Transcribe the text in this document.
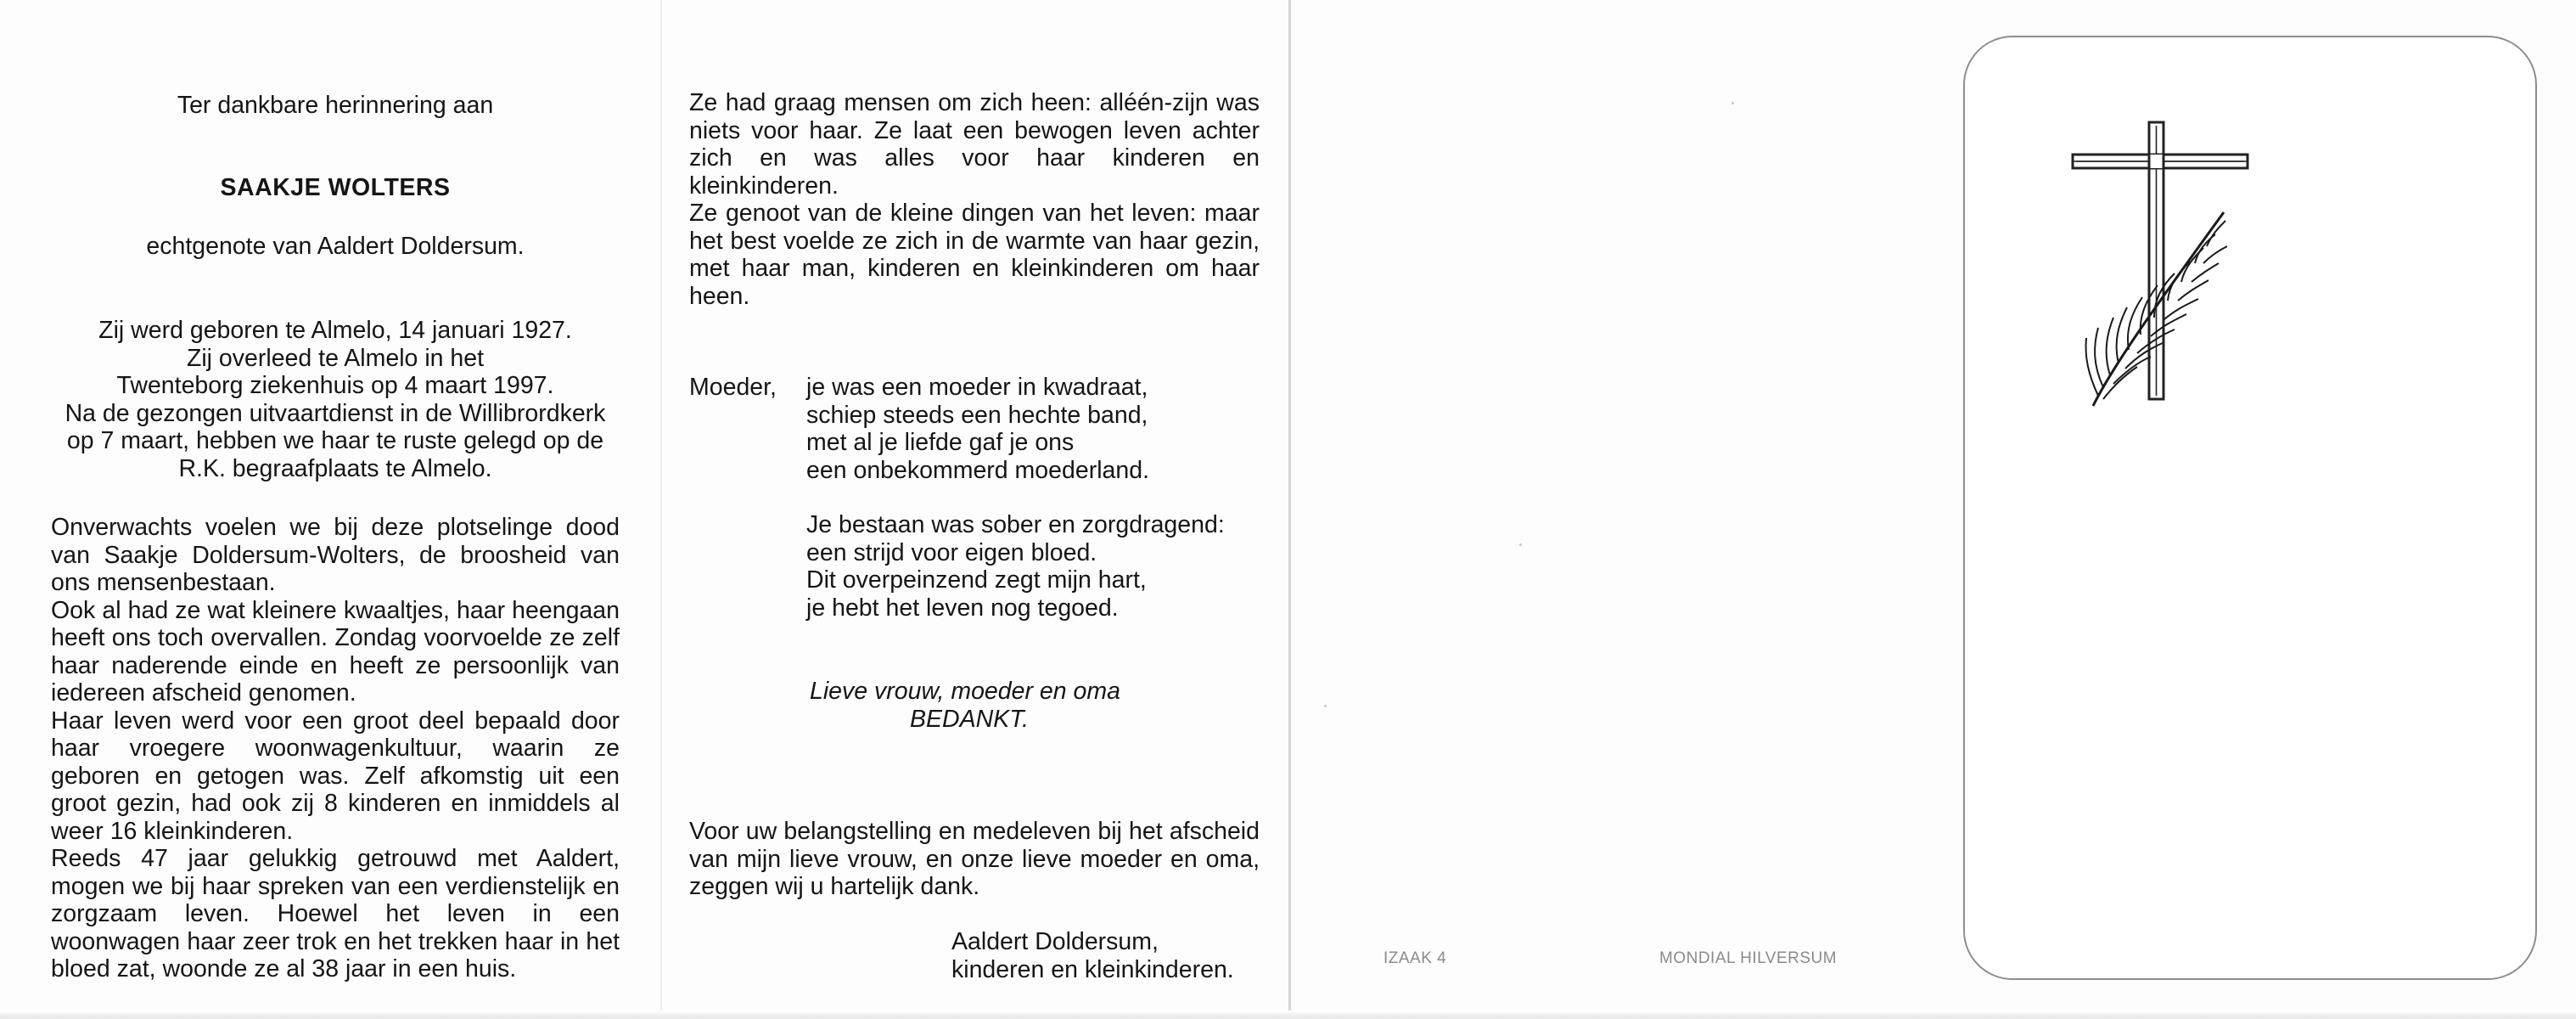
Ter dankbare herinnering aan

SAAKJE WOLTERS

echtgenote van Aaldert Doldersum.

Zij werd geboren te Almelo, 14 januari 1927.

Zij overleed te Almelo in het

Twenteborg ziekenhuis op 4 maart 1997.

Na de gezongen uitvaartdienst in de Willibrordkerk

op 7 maart, hebben we haar te ruste gelegd op de

R.K. begraafplaats te Almelo.

Onverwachts voelen we bij deze plotselinge dood van Saakje Doldersum-Wolters, de broosheid van ons mensenbestaan.

Ook al had ze wat kleinere kwaaltjes, haar heengaan heeft ons toch overvallen. Zondag voorvoelde ze zelf haar naderende einde en heeft ze persoonlijk van iedereen afscheid genomen.

Haar leven werd voor een groot deel bepaald door haar vroegere woonwagenkultuur, waarin ze geboren en getogen was. Zelf afkomstig uit een groot gezin, had ook zij 8 kinderen en inmiddels al weer 16 kleinkinderen.

Reeds 47 jaar gelukkig getrouwd met Aaldert, mogen we bij haar spreken van een verdienstelijk en zorgzaam leven. Hoewel het leven in een woonwagen haar zeer trok en het trekken haar in het bloed zat, woonde ze al 38 jaar in een huis.

Ze had graag mensen om zich heen: alléén-zijn was niets voor haar. Ze laat een bewogen leven achter zich en was alles voor haar kinderen en kleinkinderen.

Ze genoot van de kleine dingen van het leven: maar het best voelde ze zich in de warmte van haar gezin, met haar man, kinderen en kleinkinderen om haar heen.

Moeder,	je was een moeder in kwadraat,

schiep steeds een hechte band,

met al je liefde gaf je ons

een onbekommerd moederland.

Je bestaan was sober en zorgdragend:

een strijd voor eigen bloed.

Dit overpeinzend zegt mijn hart,

je hebt het leven nog tegoed.

Lieve vrouw, moeder en oma

BEDANKT.

Voor uw belangstelling en medeleven bij het afscheid van mijn lieve vrouw, en onze lieve moeder en oma, zeggen wij u hartelijk dank.

Aaldert Doldersum,

kinderen en kleinkinderen.	IZAAK 4	MONDIAL HILVERSUM
